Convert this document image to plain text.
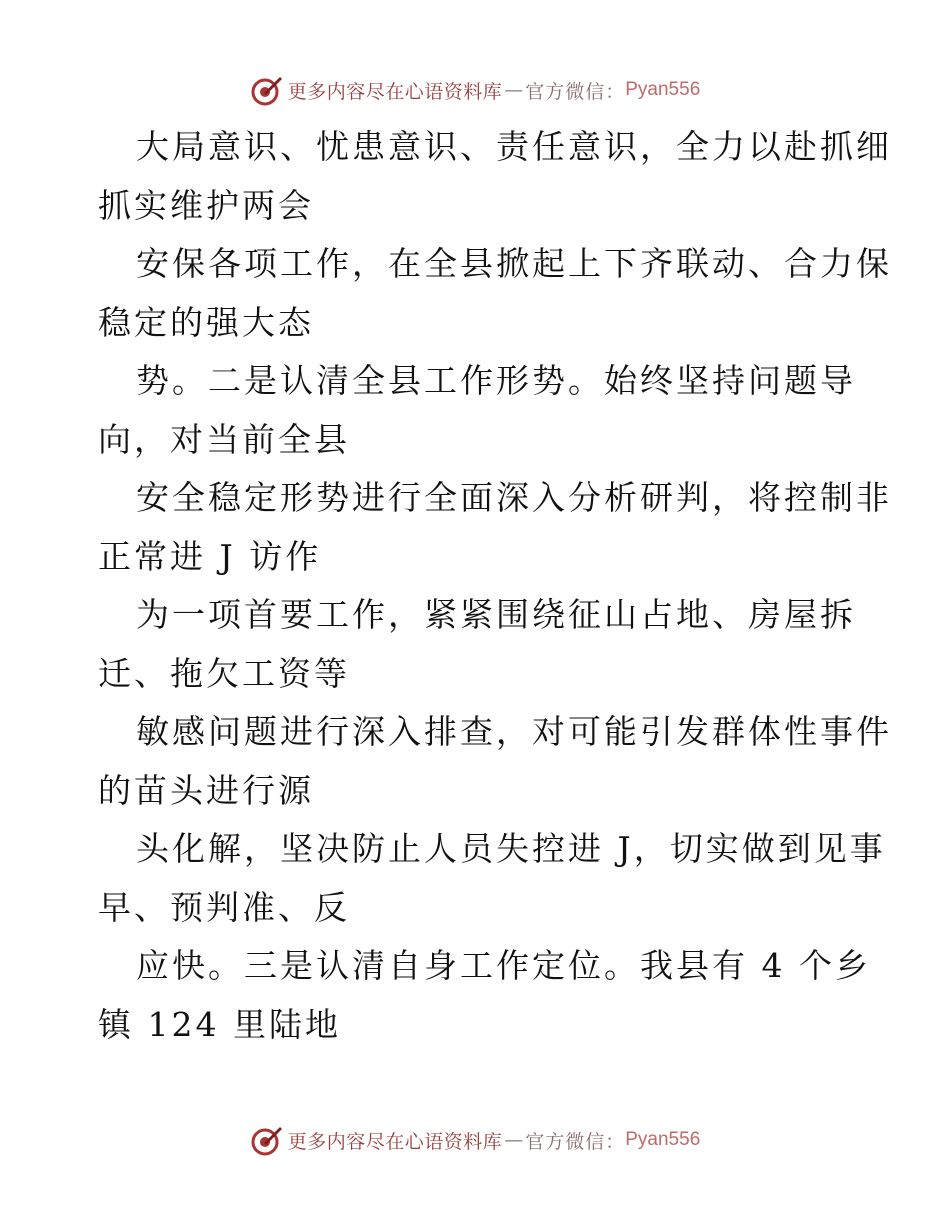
更多内容尽在心语资料库 — 官方微信： Pyan556
大局意识、忧患意识、责任意识，全力以赴抓细
抓实维护两会
安保各项工作，在全县掀起上下齐联动、合力保
稳定的强大态
势。二是认清全县工作形势。始终坚持问题导
向，对当前全县
安全稳定形势进行全面深入分析研判，将控制非
正常进 J 访作
为一项首要工作，紧紧围绕征山占地、房屋拆
迁、拖欠工资等
敏感问题进行深入排查，对可能引发群体性事件
的苗头进行源
头化解，坚决防止人员失控进 J，切实做到见事
早、预判准、反
应快。三是认清自身工作定位。我县有 4 个乡
镇 124 里陆地
更多内容尽在心语资料库 — 官方微信： Pyan556
